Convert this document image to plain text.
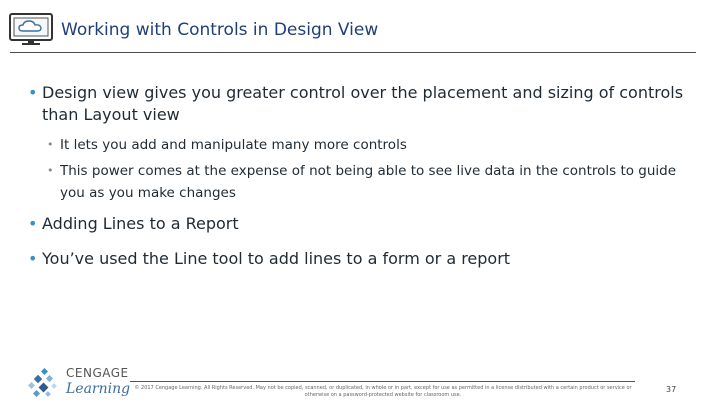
Working with Controls in Design View
• Design view gives you greater control over the placement and sizing of controls than Layout view
• It lets you add and manipulate many more controls
• This power comes at the expense of not being able to see live data in the controls to guide you as you make changes
• Adding Lines to a Report
• You’ve used the Line tool to add lines to a form or a report
CENGAGE
Learning © 2017 Cengage Learning. All Rights Reserved. May not be copied, scanned, or duplicated, in whole or in part, except for use as permitted in a license distributed with a certain product or service or otherwise on a password-protected website for classroom use.
37
